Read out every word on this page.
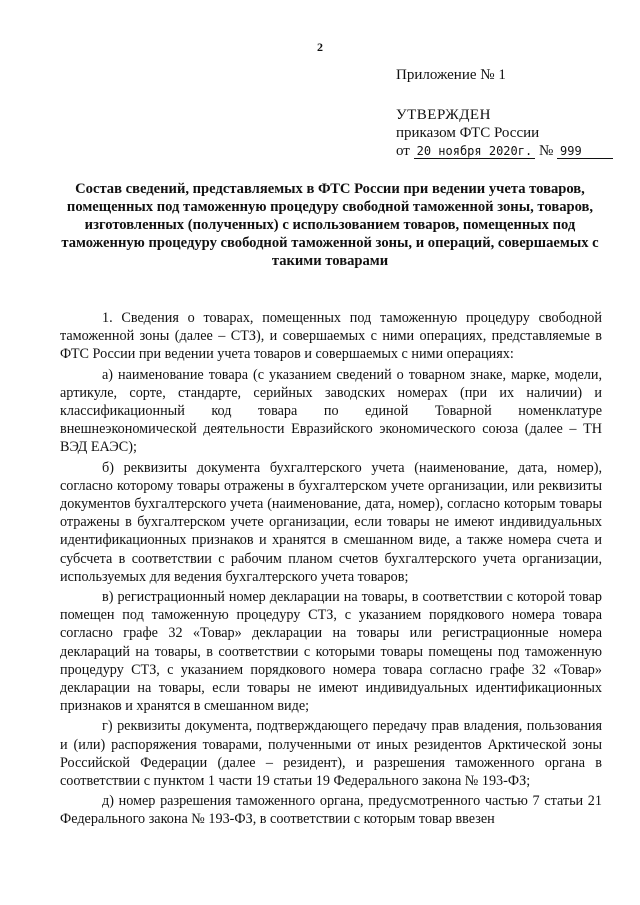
2
Приложение № 1
УТВЕРЖДЕН
приказом ФТС России
от 20 ноября 2020г. № 999
Состав сведений, представляемых в ФТС России при ведении учета товаров, помещенных под таможенную процедуру свободной таможенной зоны, товаров, изготовленных (полученных) с использованием товаров, помещенных под таможенную процедуру свободной таможенной зоны, и операций, совершаемых с такими товарами

1. Сведения о товарах, помещенных под таможенную процедуру свободной таможенной зоны (далее – СТЗ), и совершаемых с ними операциях, представляемые в ФТС России при ведении учета товаров и совершаемых с ними операциях:

а) наименование товара (с указанием сведений о товарном знаке, марке, модели, артикуле, сорте, стандарте, серийных заводских номерах (при их наличии) и классификационный код товара по единой Товарной номенклатуре внешнеэкономической деятельности Евразийского экономического союза (далее – ТН ВЭД ЕАЭС);

б) реквизиты документа бухгалтерского учета (наименование, дата, номер), согласно которому товары отражены в бухгалтерском учете организации, или реквизиты документов бухгалтерского учета (наименование, дата, номер), согласно которым товары отражены в бухгалтерском учете организации, если товары не имеют индивидуальных идентификационных признаков и хранятся в смешанном виде, а также номера счета и субсчета в соответствии с рабочим планом счетов бухгалтерского учета организации, используемых для ведения бухгалтерского учета товаров;

в) регистрационный номер декларации на товары, в соответствии с которой товар помещен под таможенную процедуру СТЗ, с указанием порядкового номера товара согласно графе 32 «Товар» декларации на товары или регистрационные номера деклараций на товары, в соответствии с которыми товары помещены под таможенную процедуру СТЗ, с указанием порядкового номера товара согласно графе 32 «Товар» декларации на товары, если товары не имеют индивидуальных идентификационных признаков и хранятся в смешанном виде;

г) реквизиты документа, подтверждающего передачу прав владения, пользования и (или) распоряжения товарами, полученными от иных резидентов Арктической зоны Российской Федерации (далее – резидент), и разрешения таможенного органа в соответствии с пунктом 1 части 19 статьи 19 Федерального закона № 193-ФЗ;

д) номер разрешения таможенного органа, предусмотренного частью 7 статьи 21 Федерального закона № 193-ФЗ, в соответствии с которым товар ввезен
